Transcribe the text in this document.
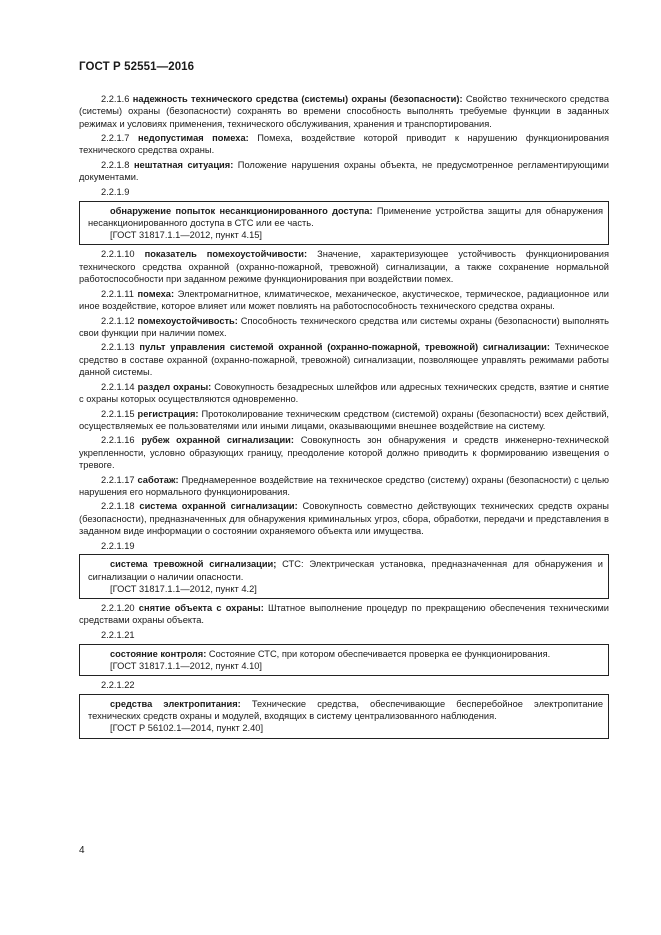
ГОСТ Р 52551—2016
2.2.1.6 надежность технического средства (системы) охраны (безопасности): Свойство технического средства (системы) охраны (безопасности) сохранять во времени способность выполнять требуемые функции в заданных режимах и условиях применения, технического обслуживания, хранения и транспортирования.
2.2.1.7 недопустимая помеха: Помеха, воздействие которой приводит к нарушению функционирования технического средства охраны.
2.2.1.8 нештатная ситуация: Положение нарушения охраны объекта, не предусмотренное регламентирующими документами.
2.2.1.9
обнаружение попыток несанкционированного доступа: Применение устройства защиты для обнаружения несанкционированного доступа в СТС или ее часть.
[ГОСТ 31817.1.1—2012, пункт 4.15]
2.2.1.10 показатель помехоустойчивости: Значение, характеризующее устойчивость функционирования технического средства охранной (охранно-пожарной, тревожной) сигнализации, а также сохранение нормальной работоспособности при заданном режиме функционирования при воздействии помех.
2.2.1.11 помеха: Электромагнитное, климатическое, механическое, акустическое, термическое, радиационное или иное воздействие, которое влияет или может повлиять на работоспособность технического средства охраны.
2.2.1.12 помехоустойчивость: Способность технического средства или системы охраны (безопасности) выполнять свои функции при наличии помех.
2.2.1.13 пульт управления системой охранной (охранно-пожарной, тревожной) сигнализации: Техническое средство в составе охранной (охранно-пожарной, тревожной) сигнализации, позволяющее управлять режимами работы данной системы.
2.2.1.14 раздел охраны: Совокупность безадресных шлейфов или адресных технических средств, взятие и снятие с охраны которых осуществляются одновременно.
2.2.1.15 регистрация: Протоколирование техническим средством (системой) охраны (безопасности) всех действий, осуществляемых ее пользователями или иными лицами, оказывающими внешнее воздействие на систему.
2.2.1.16 рубеж охранной сигнализации: Совокупность зон обнаружения и средств инженерно-технической укрепленности, условно образующих границу, преодоление которой должно приводить к формированию извещения о тревоге.
2.2.1.17 саботаж: Преднамеренное воздействие на техническое средство (систему) охраны (безопасности) с целью нарушения его нормального функционирования.
2.2.1.18 система охранной сигнализации: Совокупность совместно действующих технических средств охраны (безопасности), предназначенных для обнаружения криминальных угроз, сбора, обработки, передачи и представления в заданном виде информации о состоянии охраняемого объекта или имущества.
2.2.1.19
система тревожной сигнализации; СТС: Электрическая установка, предназначенная для обнаружения и сигнализации о наличии опасности.
[ГОСТ 31817.1.1—2012, пункт 4.2]
2.2.1.20 снятие объекта с охраны: Штатное выполнение процедур по прекращению обеспечения техническими средствами охраны объекта.
2.2.1.21
состояние контроля: Состояние СТС, при котором обеспечивается проверка ее функционирования.
[ГОСТ 31817.1.1—2012, пункт 4.10]
2.2.1.22
средства электропитания: Технические средства, обеспечивающие бесперебойное электропитание технических средств охраны и модулей, входящих в систему централизованного наблюдения.
[ГОСТ Р 56102.1—2014, пункт 2.40]
4
